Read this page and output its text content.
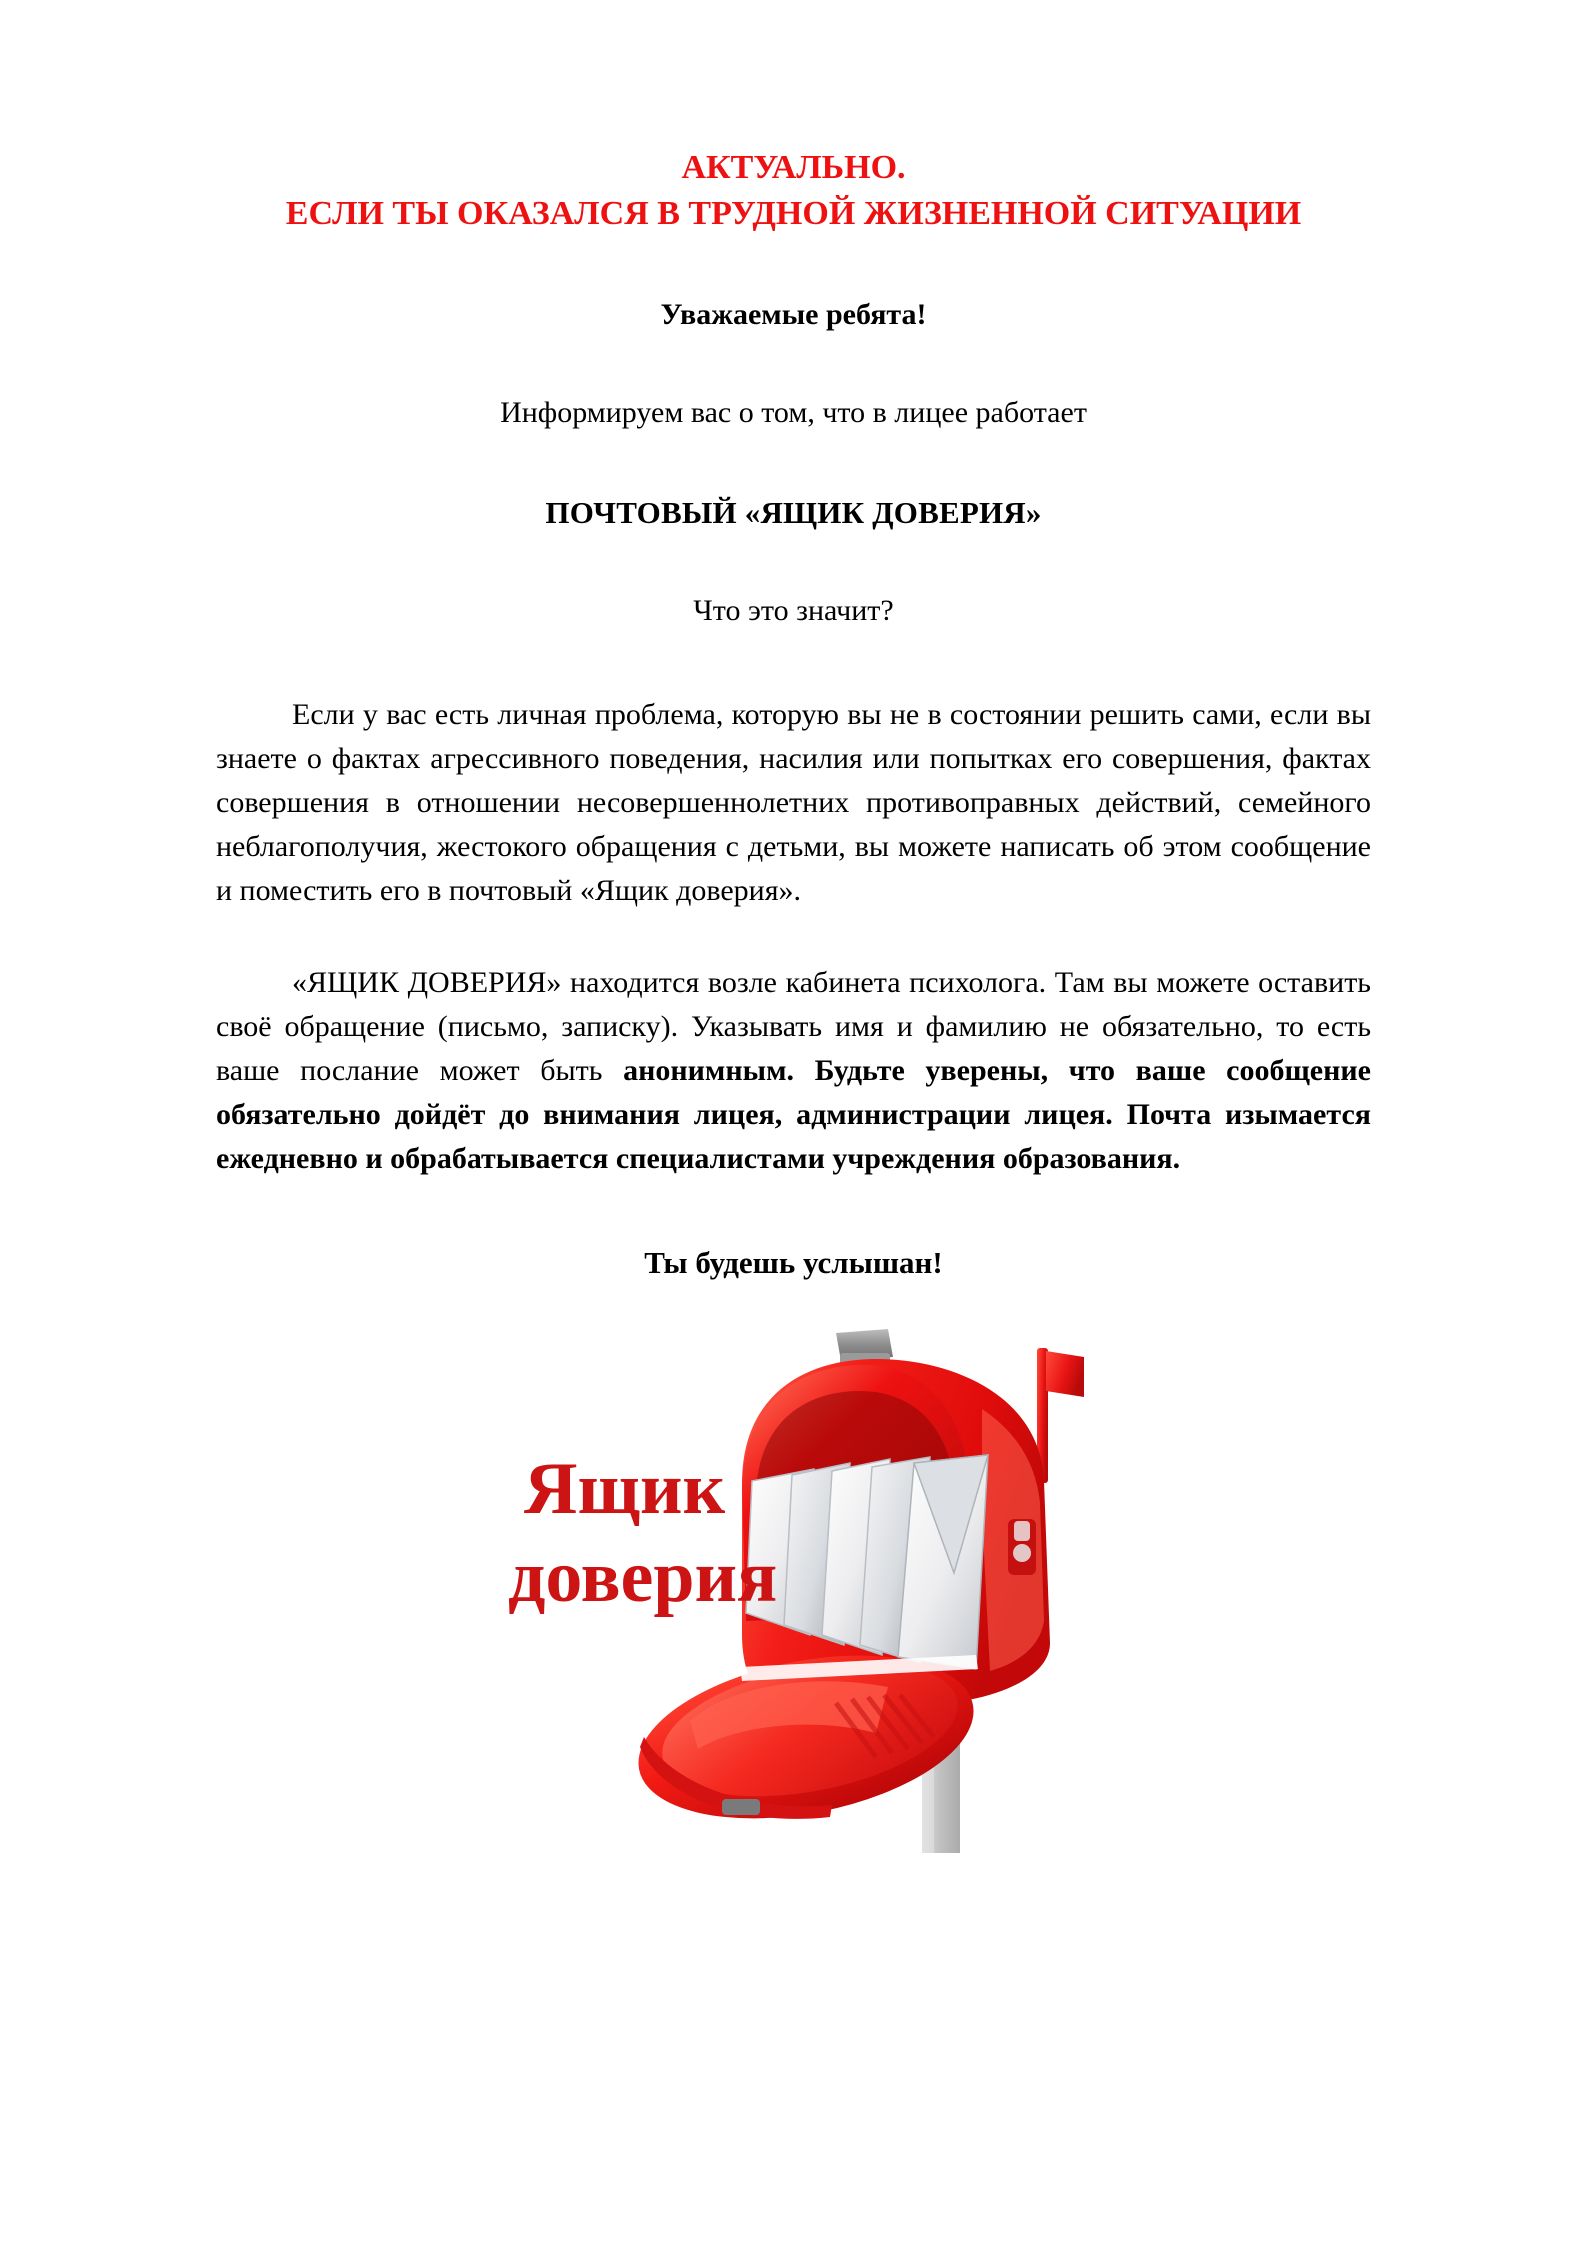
АКТУАЛЬНО.
ЕСЛИ ТЫ ОКАЗАЛСЯ В ТРУДНОЙ ЖИЗНЕННОЙ СИТУАЦИИ

Уважаемые ребята!

Информируем вас о том, что в лицее работает

ПОЧТОВЫЙ «ЯЩИК ДОВЕРИЯ»

Что это значит?

Если у вас есть личная проблема, которую вы не в состоянии решить сами, если вы знаете о фактах агрессивного поведения, насилия или попытках его совершения, фактах совершения в отношении несовершеннолетних противоправных действий, семейного неблагополучия, жестокого обращения с детьми, вы можете написать об этом сообщение и поместить его в почтовый «Ящик доверия».

«ЯЩИК ДОВЕРИЯ» находится возле кабинета психолога. Там вы можете оставить своё обращение (письмо, записку). Указывать имя и фамилию не обязательно, то есть ваше послание может быть анонимным. Будьте уверены, что ваше сообщение обязательно дойдёт до внимания лицея, администрации лицея. Почта изымается ежедневно и обрабатывается специалистами учреждения образования.

Ты будешь услышан!

Ящик
доверия
